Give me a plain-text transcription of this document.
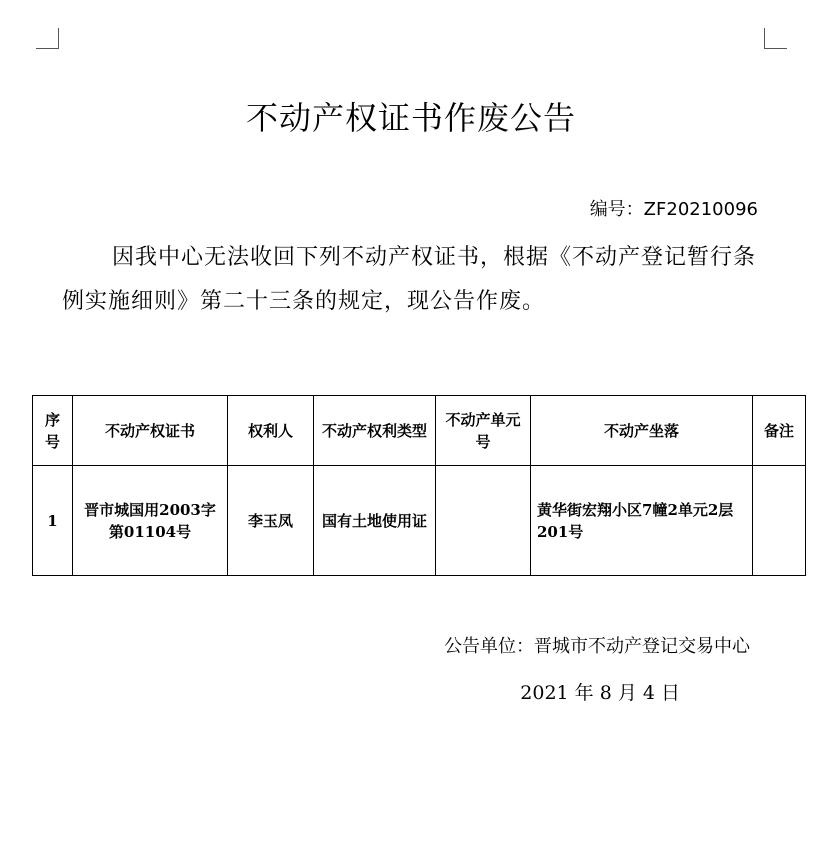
不动产权证书作废公告
编号：ZF20210096
因我中心无法收回下列不动产权证书，根据《不动产登记暂行条例实施细则》第二十三条的规定，现公告作废。
序号	不动产权证书	权利人	不动产权利类型	不动产单元号	不动产坐落	备注
1	晋市城国用2003字第01104号	李玉凤	国有土地使用证		黄华街宏翔小区7幢2单元2层201号	
公告单位：晋城市不动产登记交易中心
2021 年 8 月 4 日
